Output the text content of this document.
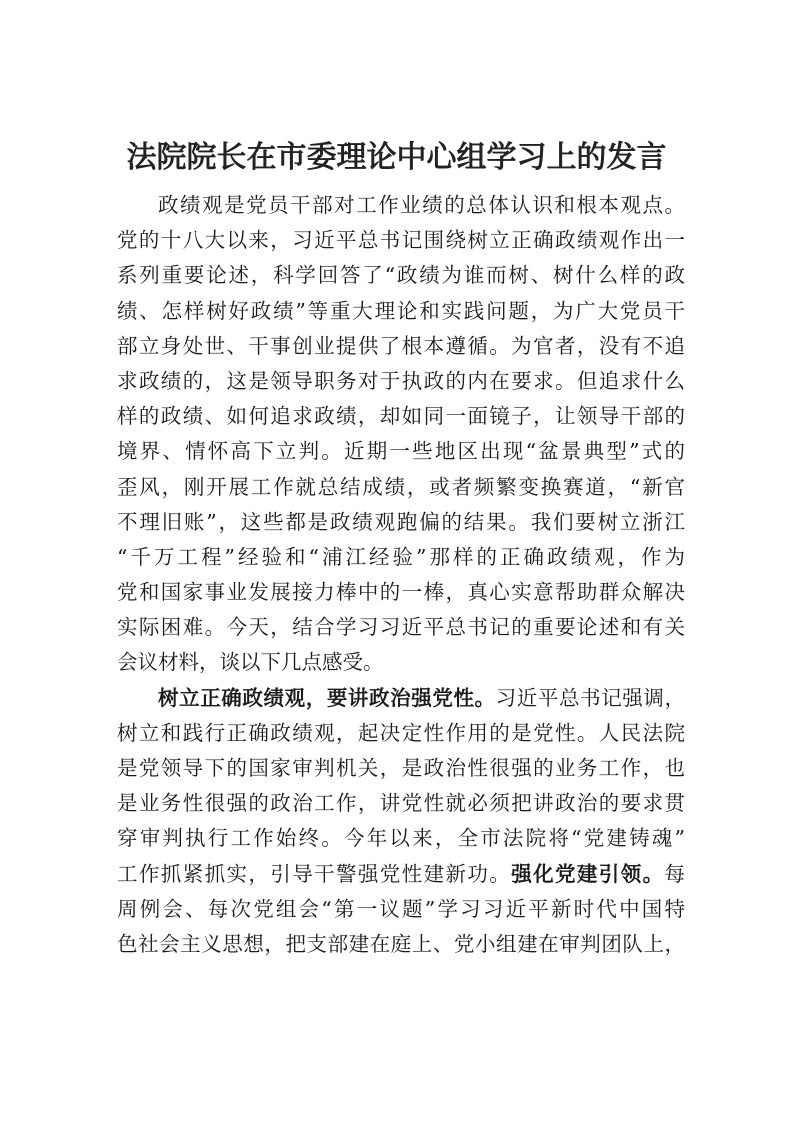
法院院长在市委理论中心组学习上的发言
政绩观是党员干部对工作业绩的总体认识和根本观点。
党的十八大以来，习近平总书记围绕树立正确政绩观作出一
系列重要论述，科学回答了“政绩为谁而树、树什么样的政
绩、怎样树好政绩”等重大理论和实践问题，为广大党员干
部立身处世、干事创业提供了根本遵循。为官者，没有不追
求政绩的，这是领导职务对于执政的内在要求。但追求什么
样的政绩、如何追求政绩，却如同一面镜子，让领导干部的
境界、情怀高下立判。近期一些地区出现“盆景典型”式的
歪风，刚开展工作就总结成绩，或者频繁变换赛道，“新官
不理旧账”，这些都是政绩观跑偏的结果。我们要树立浙江
“千万工程”经验和“浦江经验”那样的正确政绩观，作为
党和国家事业发展接力棒中的一棒，真心实意帮助群众解决
实际困难。今天，结合学习习近平总书记的重要论述和有关
会议材料，谈以下几点感受。
树立正确政绩观，要讲政治强党性。习近平总书记强调，
树立和践行正确政绩观，起决定性作用的是党性。人民法院
是党领导下的国家审判机关，是政治性很强的业务工作，也
是业务性很强的政治工作，讲党性就必须把讲政治的要求贯
穿审判执行工作始终。今年以来，全市法院将“党建铸魂”
工作抓紧抓实，引导干警强党性建新功。强化党建引领。每
周例会、每次党组会“第一议题”学习习近平新时代中国特
色社会主义思想，把支部建在庭上、党小组建在审判团队上，
